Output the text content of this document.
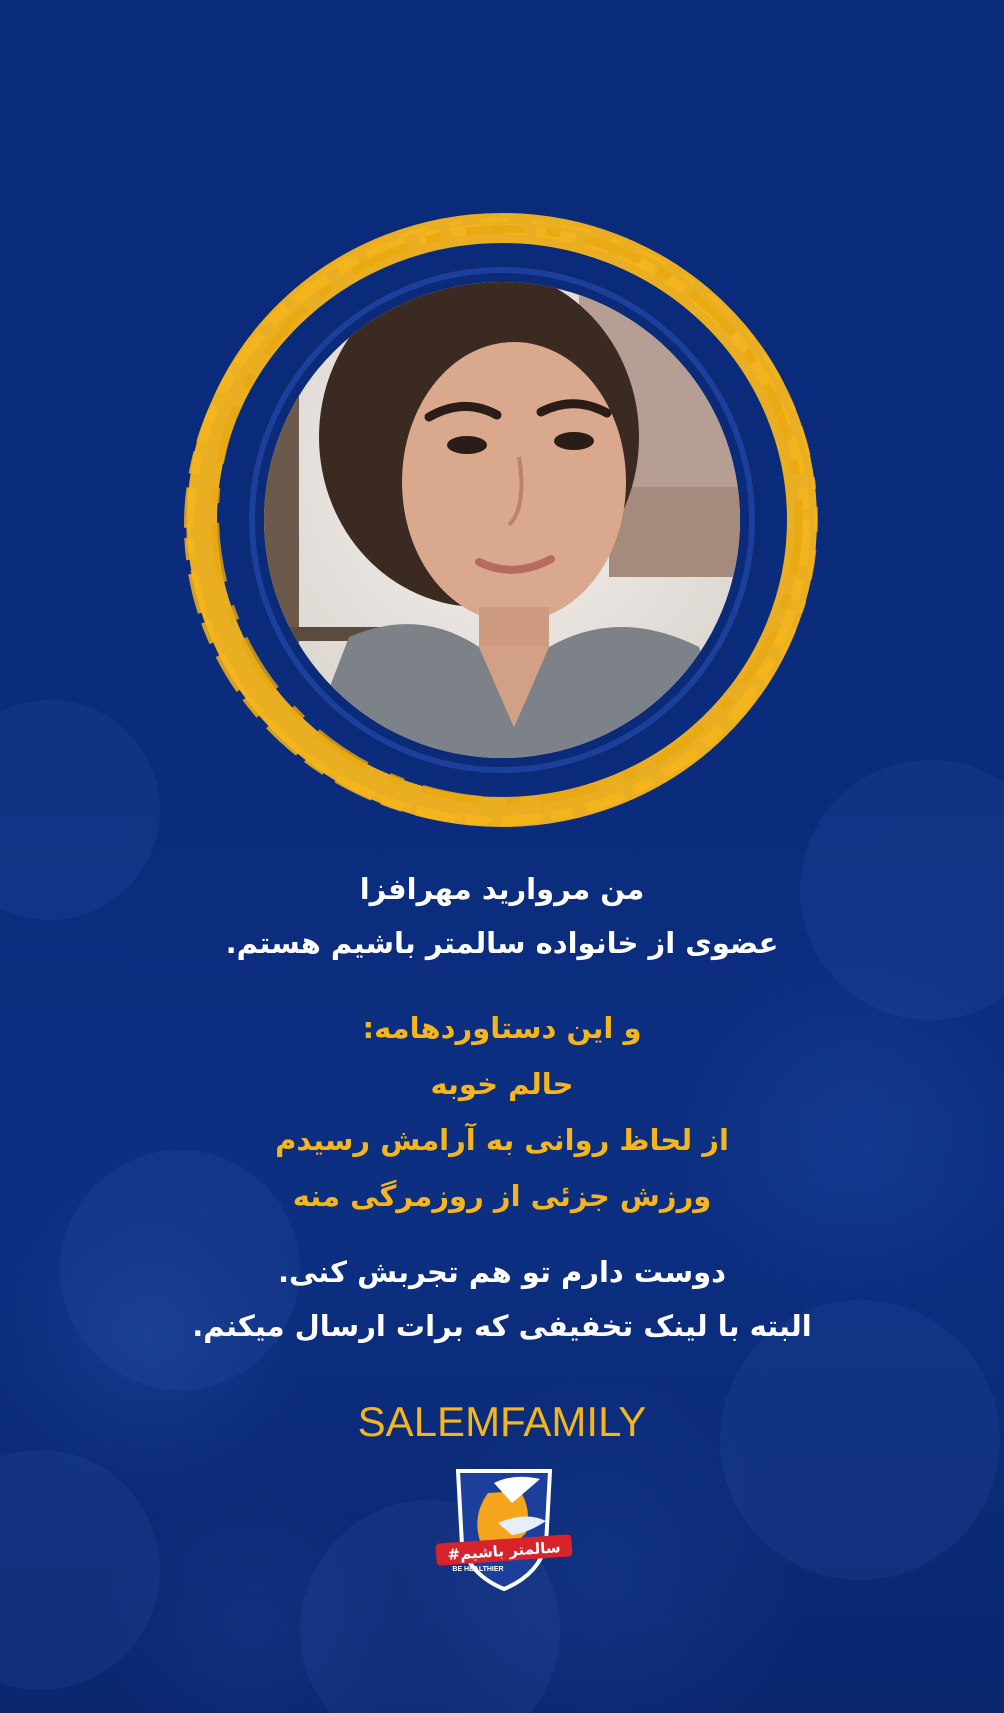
من مروارید مهرافزا
عضوی از خانواده سالمتر باشیم هستم.
و این دستاوردهامه:
حالم خوبه
از لحاظ روانی به آرامش رسیدم
ورزش جزئی از روزمرگی منه
دوست دارم تو هم تجربش کنی.
البته با لینک تخفیفی که برات ارسال میکنم.
SALEMFAMILY
#سالمتر باشیم
BE HEALTHIER
